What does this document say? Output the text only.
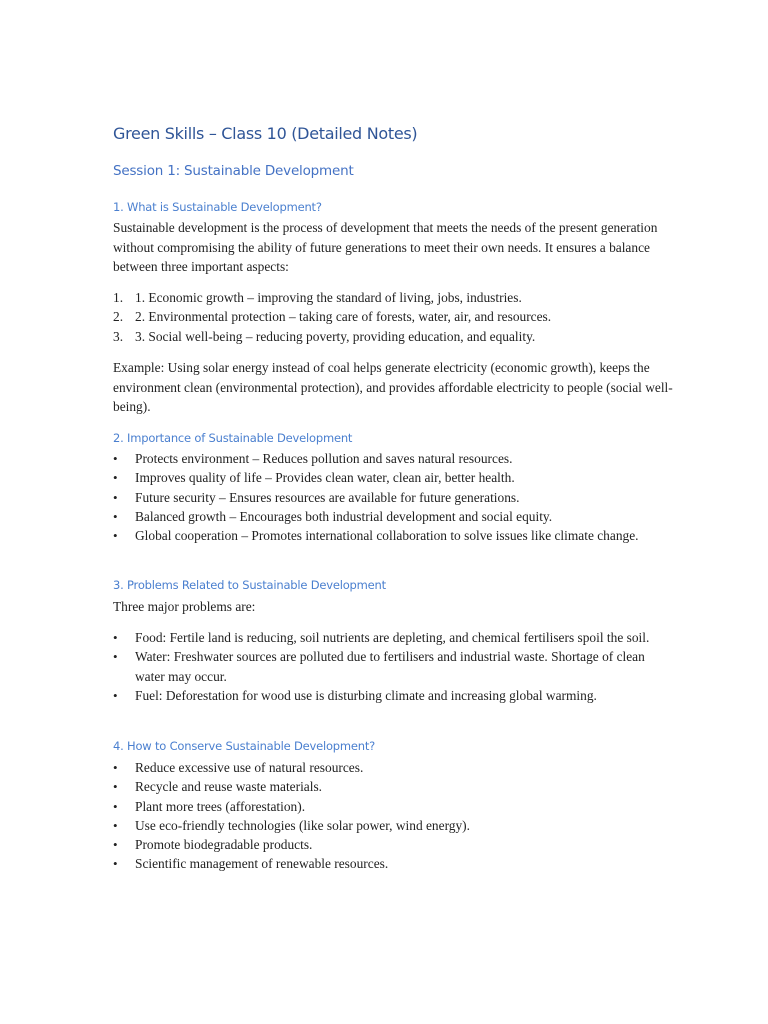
Green Skills – Class 10 (Detailed Notes)
Session 1: Sustainable Development
1. What is Sustainable Development?
Sustainable development is the process of development that meets the needs of the present generation without compromising the ability of future generations to meet their own needs. It ensures a balance between three important aspects:
1. 1. Economic growth – improving the standard of living, jobs, industries.
2. 2. Environmental protection – taking care of forests, water, air, and resources.
3. 3. Social well-being – reducing poverty, providing education, and equality.
Example: Using solar energy instead of coal helps generate electricity (economic growth), keeps the environment clean (environmental protection), and provides affordable electricity to people (social well-being).
2. Importance of Sustainable Development
• Protects environment – Reduces pollution and saves natural resources.
• Improves quality of life – Provides clean water, clean air, better health.
• Future security – Ensures resources are available for future generations.
• Balanced growth – Encourages both industrial development and social equity.
• Global cooperation – Promotes international collaboration to solve issues like climate change.
3. Problems Related to Sustainable Development
Three major problems are:
• Food: Fertile land is reducing, soil nutrients are depleting, and chemical fertilisers spoil the soil.
• Water: Freshwater sources are polluted due to fertilisers and industrial waste. Shortage of clean water may occur.
• Fuel: Deforestation for wood use is disturbing climate and increasing global warming.
4. How to Conserve Sustainable Development?
• Reduce excessive use of natural resources.
• Recycle and reuse waste materials.
• Plant more trees (afforestation).
• Use eco-friendly technologies (like solar power, wind energy).
• Promote biodegradable products.
• Scientific management of renewable resources.
